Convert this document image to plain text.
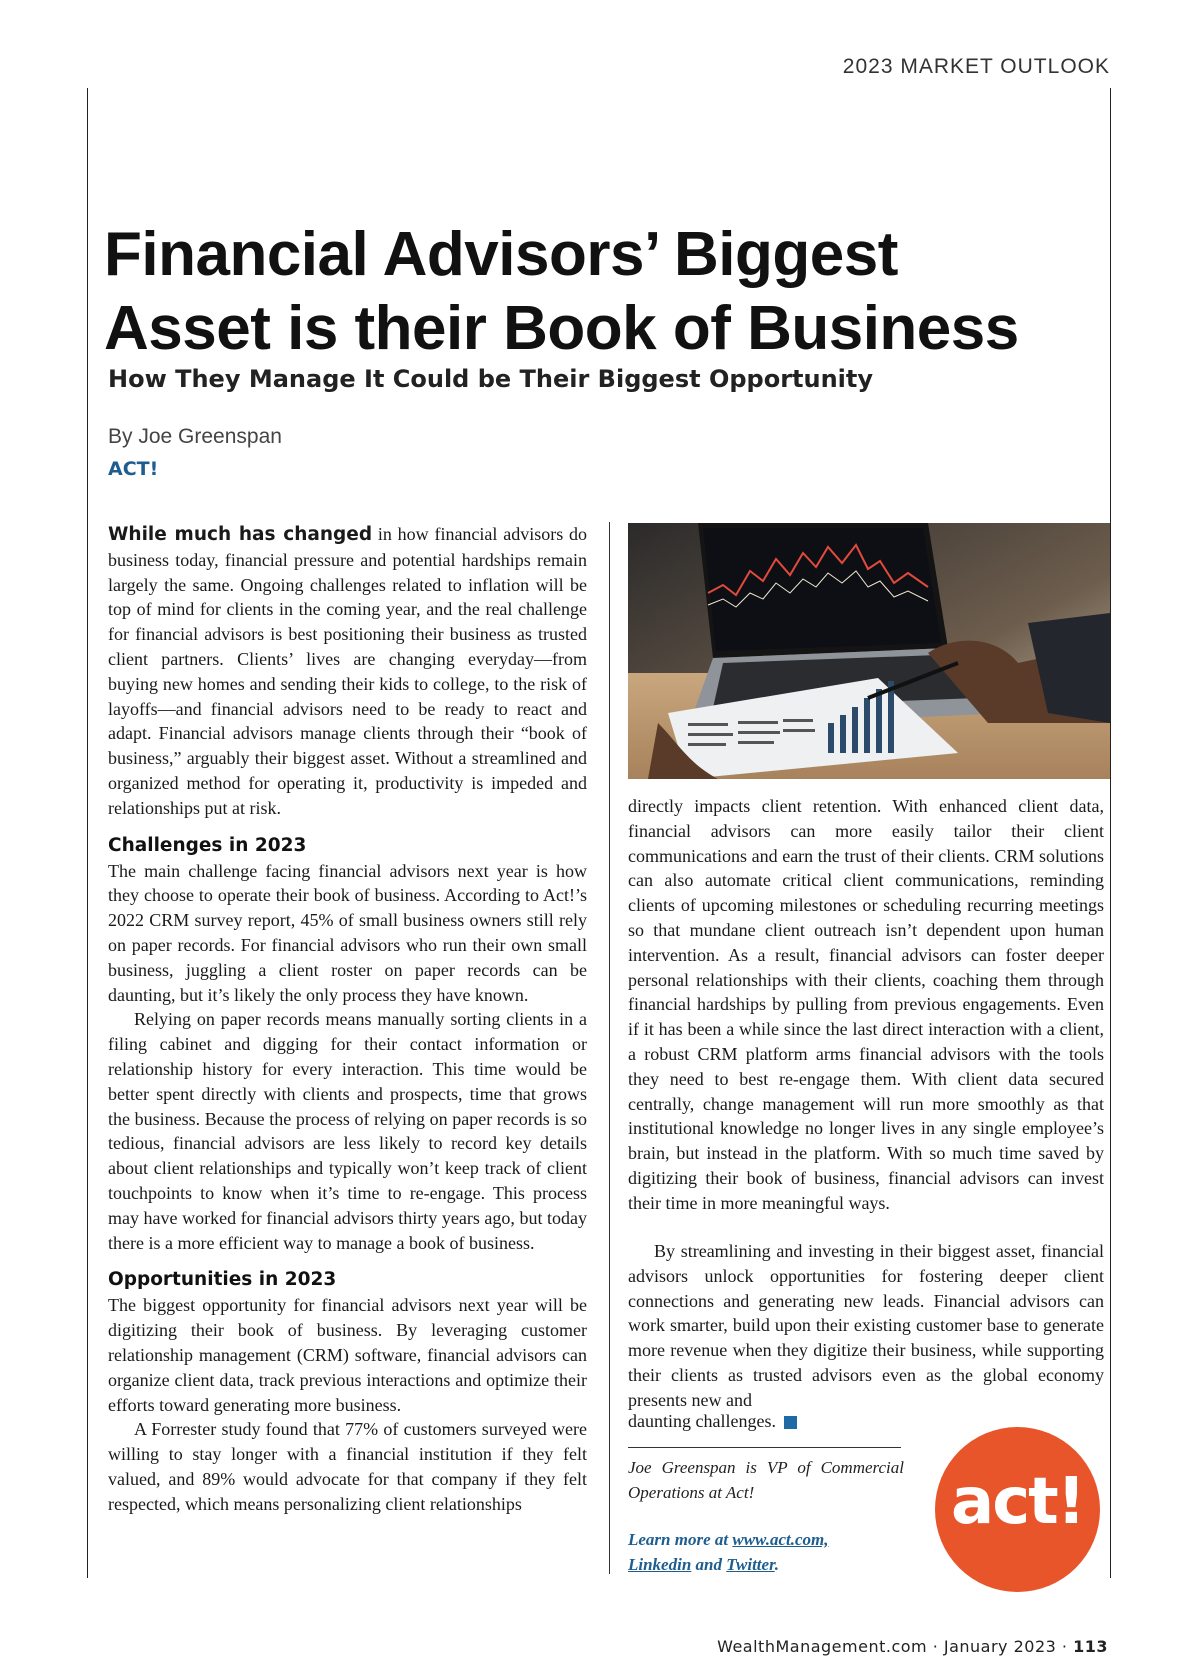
2023 MARKET OUTLOOK
Financial Advisors’ Biggest
Asset is their Book of Business
How They Manage It Could be Their Biggest Opportunity
By Joe Greenspan
ACT!

While much has changed in how financial advisors do business today, financial pressure and potential hardships remain largely the same. Ongoing challenges related to inflation will be top of mind for clients in the coming year, and the real challenge for financial advisors is best positioning their business as trusted client partners. Clients’ lives are changing everyday—from buying new homes and sending their kids to college, to the risk of layoffs—and financial advisors need to be ready to react and adapt. Financial advisors manage clients through their “book of business,” arguably their biggest asset. Without a streamlined and organized method for operating it, productivity is impeded and relationships put at risk.

Challenges in 2023

The main challenge facing financial advisors next year is how they choose to operate their book of business. According to Act!’s 2022 CRM survey report, 45% of small business owners still rely on paper records. For financial advisors who run their own small business, juggling a client roster on paper records can be daunting, but it’s likely the only process they have known.

Relying on paper records means manually sorting clients in a filing cabinet and digging for their contact information or relationship history for every interaction. This time would be better spent directly with clients and prospects, time that grows the business. Because the process of relying on paper records is so tedious, financial advisors are less likely to record key details about client relationships and typically won’t keep track of client touchpoints to know when it’s time to re-engage. This process may have worked for financial advisors thirty years ago, but today there is a more efficient way to manage a book of business.

Opportunities in 2023

The biggest opportunity for financial advisors next year will be digitizing their book of business. By leveraging customer relationship management (CRM) software, financial advisors can organize client data, track previous interactions and optimize their efforts toward generating more business.

A Forrester study found that 77% of customers surveyed were willing to stay longer with a financial institution if they felt valued, and 89% would advocate for that company if they felt respected, which means personalizing client relationships

directly impacts client retention. With enhanced client data, financial advisors can more easily tailor their client communications and earn the trust of their clients. CRM solutions can also automate critical client communications, reminding clients of upcoming milestones or scheduling recurring meetings so that mundane client outreach isn’t dependent upon human intervention. As a result, financial advisors can foster deeper personal relationships with their clients, coaching them through financial hardships by pulling from previous engagements. Even if it has been a while since the last direct interaction with a client, a robust CRM platform arms financial advisors with the tools they need to best re-engage them. With client data secured centrally, change management will run more smoothly as that institutional knowledge no longer lives in any single employee’s brain, but instead in the platform. With so much time saved by digitizing their book of business, financial advisors can invest their time in more meaningful ways.

By streamlining and investing in their biggest asset, financial advisors unlock opportunities for fostering deeper client connections and generating new leads. Financial advisors can work smarter, build upon their existing customer base to generate more revenue when they digitize their business, while supporting their clients as trusted advisors even as the global economy presents new and

daunting challenges.

Joe Greenspan is VP of Commercial Operations at Act!
Learn more at www.act.com,
Linkedin and Twitter.
act!
WealthManagement.com · January 2023 · 113
